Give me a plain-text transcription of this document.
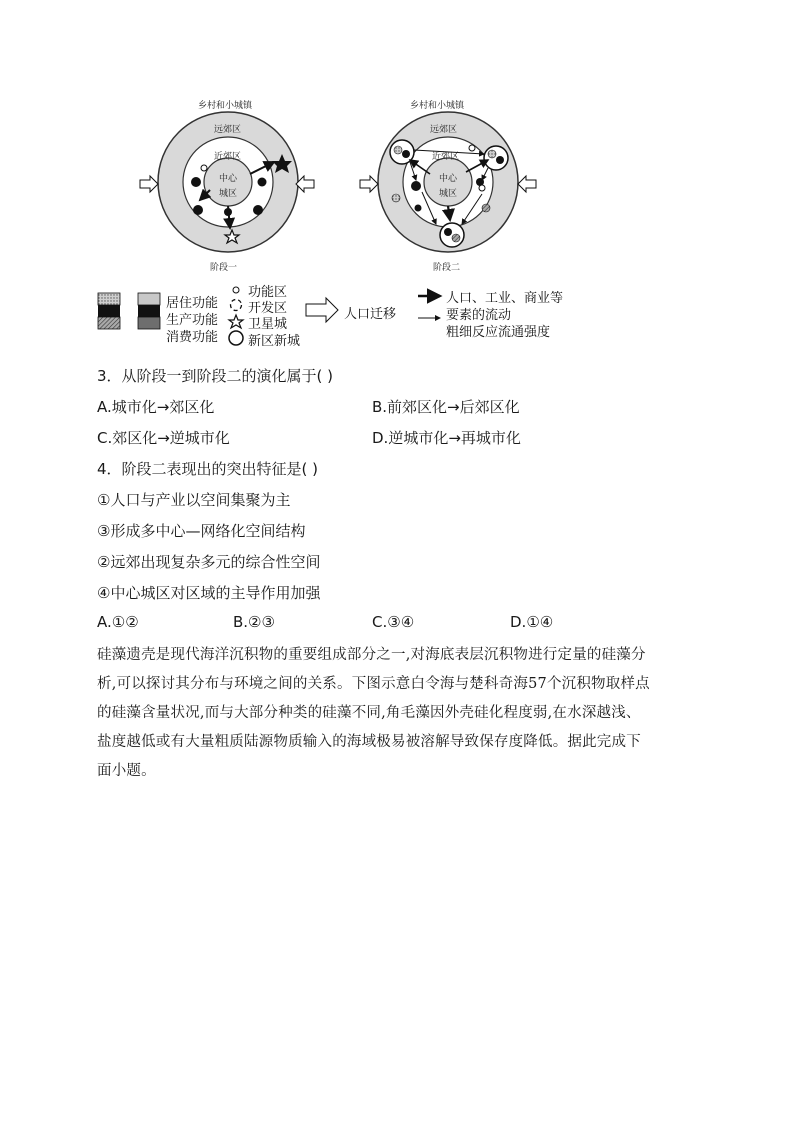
乡村和小城镇
远郊区
近郊区
中心
城区
阶段一
乡村和小城镇
远郊区
近郊区
中心
城区
阶段二
居住功能
生产功能
消费功能
功能区
开发区
卫星城
新区新城
人口迁移
人口、工业、商业等
要素的流动
粗细反应流通强度
3．从阶段一到阶段二的演化属于( )
A.城市化→郊区化	B.前郊区化→后郊区化
C.郊区化→逆城市化	D.逆城市化→再城市化
4．阶段二表现出的突出特征是( )
①人口与产业以空间集聚为主
③形成多中心—网络化空间结构
②远郊出现复杂多元的综合性空间
④中心城区对区域的主导作用加强
A.①②	B.②③	C.③④	D.①④
硅藻遗壳是现代海洋沉积物的重要组成部分之一,对海底表层沉积物进行定量的硅藻分
析,可以探讨其分布与环境之间的关系。下图示意白令海与楚科奇海57个沉积物取样点
的硅藻含量状况,而与大部分种类的硅藻不同,角毛藻因外壳硅化程度弱,在水深越浅、
盐度越低或有大量粗质陆源物质输入的海域极易被溶解导致保存度降低。据此完成下
面小题。
